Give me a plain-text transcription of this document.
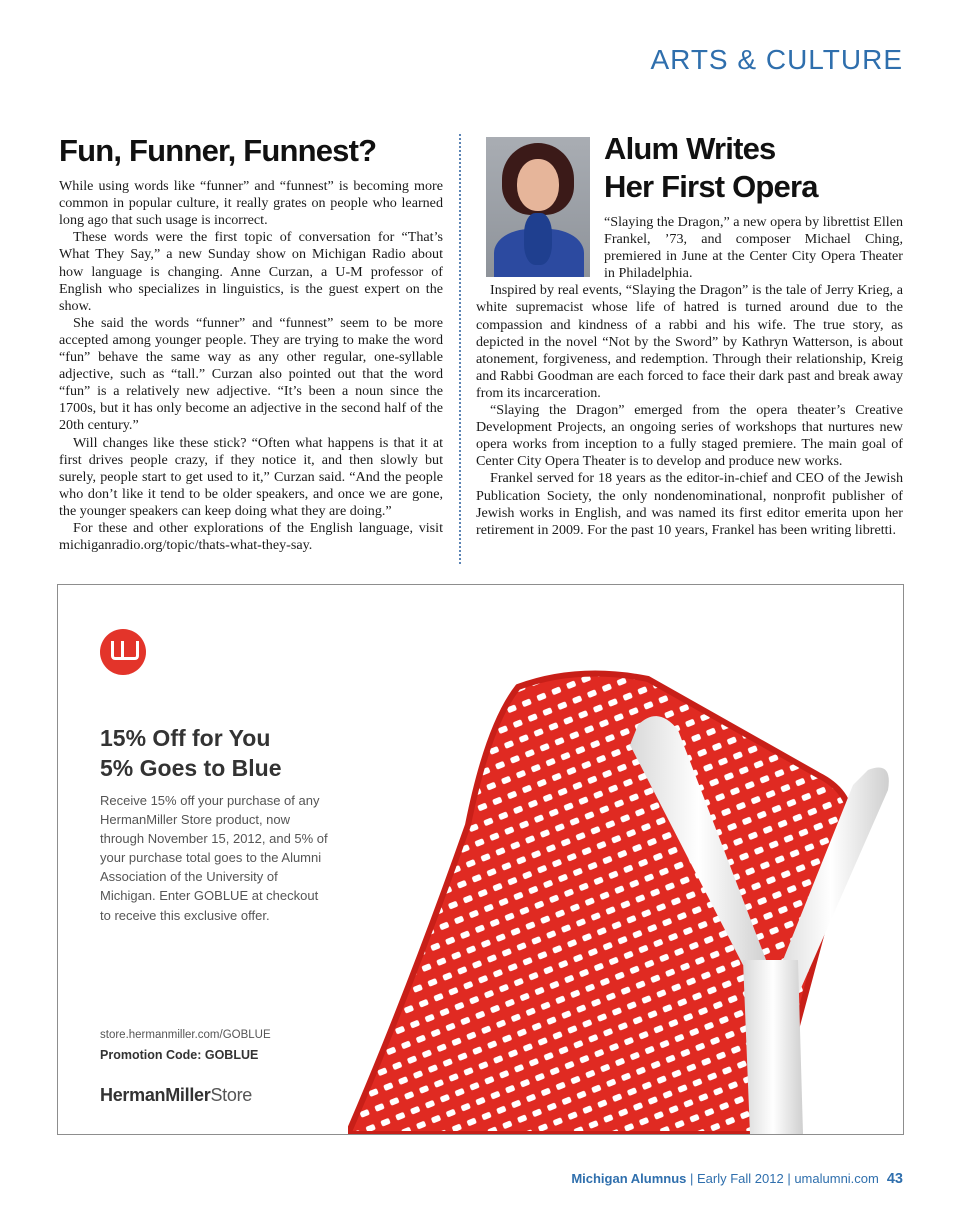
ARTS & CULTURE
Fun, Funner, Funnest?

While using words like “funner” and “funnest” is becoming more common in popular culture, it really grates on people who learned long ago that such usage is incorrect.

These words were the first topic of conversation for “That’s What They Say,” a new Sunday show on Michigan Radio about how language is changing. Anne Curzan, a U-M professor of English who specializes in linguistics, is the guest expert on the show.

She said the words “funner” and “funnest” seem to be more accepted among younger people. They are trying to make the word “fun” behave the same way as any other regular, one-syllable adjective, such as “tall.” Curzan also pointed out that the word “fun” is a relatively new adjective. “It’s been a noun since the 1700s, but it has only become an adjective in the second half of the 20th century.”

Will changes like these stick? “Often what happens is that it at first drives people crazy, if they notice it, and then slowly but surely, people start to get used to it,” Curzan said. “And the people who don’t like it tend to be older speakers, and once we are gone, the younger speakers can keep doing what they are doing.”

For these and other explorations of the English language, visit michiganradio.org/topic/thats-what-they-say.

Alum Writes
Her First Opera

“Slaying the Dragon,” a new opera by librettist Ellen Frankel, ’73, and composer Michael Ching, premiered in June at the Center City Opera Theater in Philadelphia.

Inspired by real events, “Slaying the Dragon” is the tale of Jerry Krieg, a white supremacist whose life of hatred is turned around due to the compassion and kindness of a rabbi and his wife. The true story, as depicted in the novel “Not by the Sword” by Kathryn Watterson, is about atonement, forgiveness, and redemption. Through their relationship, Kreig and Rabbi Goodman are each forced to face their dark past and break away from its incarceration.

“Slaying the Dragon” emerged from the opera theater’s Creative Development Projects, an ongoing series of workshops that nurtures new opera works from inception to a fully staged premiere. The main goal of Center City Opera Theater is to develop and produce new works.

Frankel served for 18 years as the editor-in-chief and CEO of the Jewish Publication Society, the only nondenominational, nonprofit publisher of Jewish works in English, and was named its first editor emerita upon her retirement in 2009. For the past 10 years, Frankel has been writing libretti.

15% Off for You
5% Goes to Blue
Receive 15% off your purchase of any HermanMiller Store product, now through November 15, 2012, and 5% of your purchase total goes to the Alumni Association of the University of Michigan. Enter GOBLUE at checkout to receive this exclusive offer.
store.hermanmiller.com/GOBLUE
Promotion Code: GOBLUE
HermanMillerStore
Michigan Alumnus | Early Fall 2012 | umalumni.com 43
